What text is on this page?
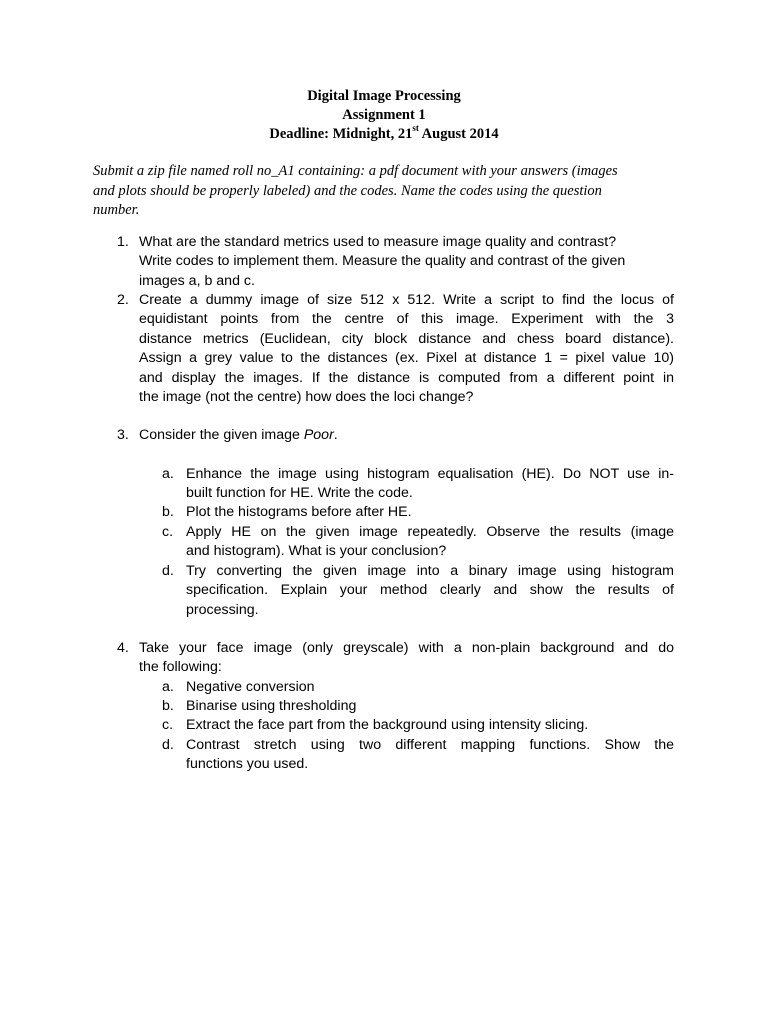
Digital Image Processing
Assignment 1
Deadline: Midnight, 21st August 2014
Submit a zip file named roll no_A1 containing: a pdf document with your answers (images
and plots should be properly labeled) and the codes. Name the codes using the question
number.
1. What are the standard metrics used to measure image quality and contrast?
Write codes to implement them. Measure the quality and contrast of the given
images a, b and c.
2. Create a dummy image of size 512 x 512. Write a script to find the locus of
equidistant points from the centre of this image. Experiment with the 3
distance metrics (Euclidean, city block distance and chess board distance).
Assign a grey value to the distances (ex. Pixel at distance 1 = pixel value 10)
and display the images. If the distance is computed from a different point in
the image (not the centre) how does the loci change?
3. Consider the given image Poor.
a. Enhance the image using histogram equalisation (HE). Do NOT use in-
built function for HE. Write the code.
b. Plot the histograms before after HE.
c. Apply HE on the given image repeatedly. Observe the results (image
and histogram). What is your conclusion?
d. Try converting the given image into a binary image using histogram
specification. Explain your method clearly and show the results of
processing.
4. Take your face image (only greyscale) with a non-plain background and do
the following:
a. Negative conversion
b. Binarise using thresholding
c. Extract the face part from the background using intensity slicing.
d. Contrast stretch using two different mapping functions. Show the
functions you used.
